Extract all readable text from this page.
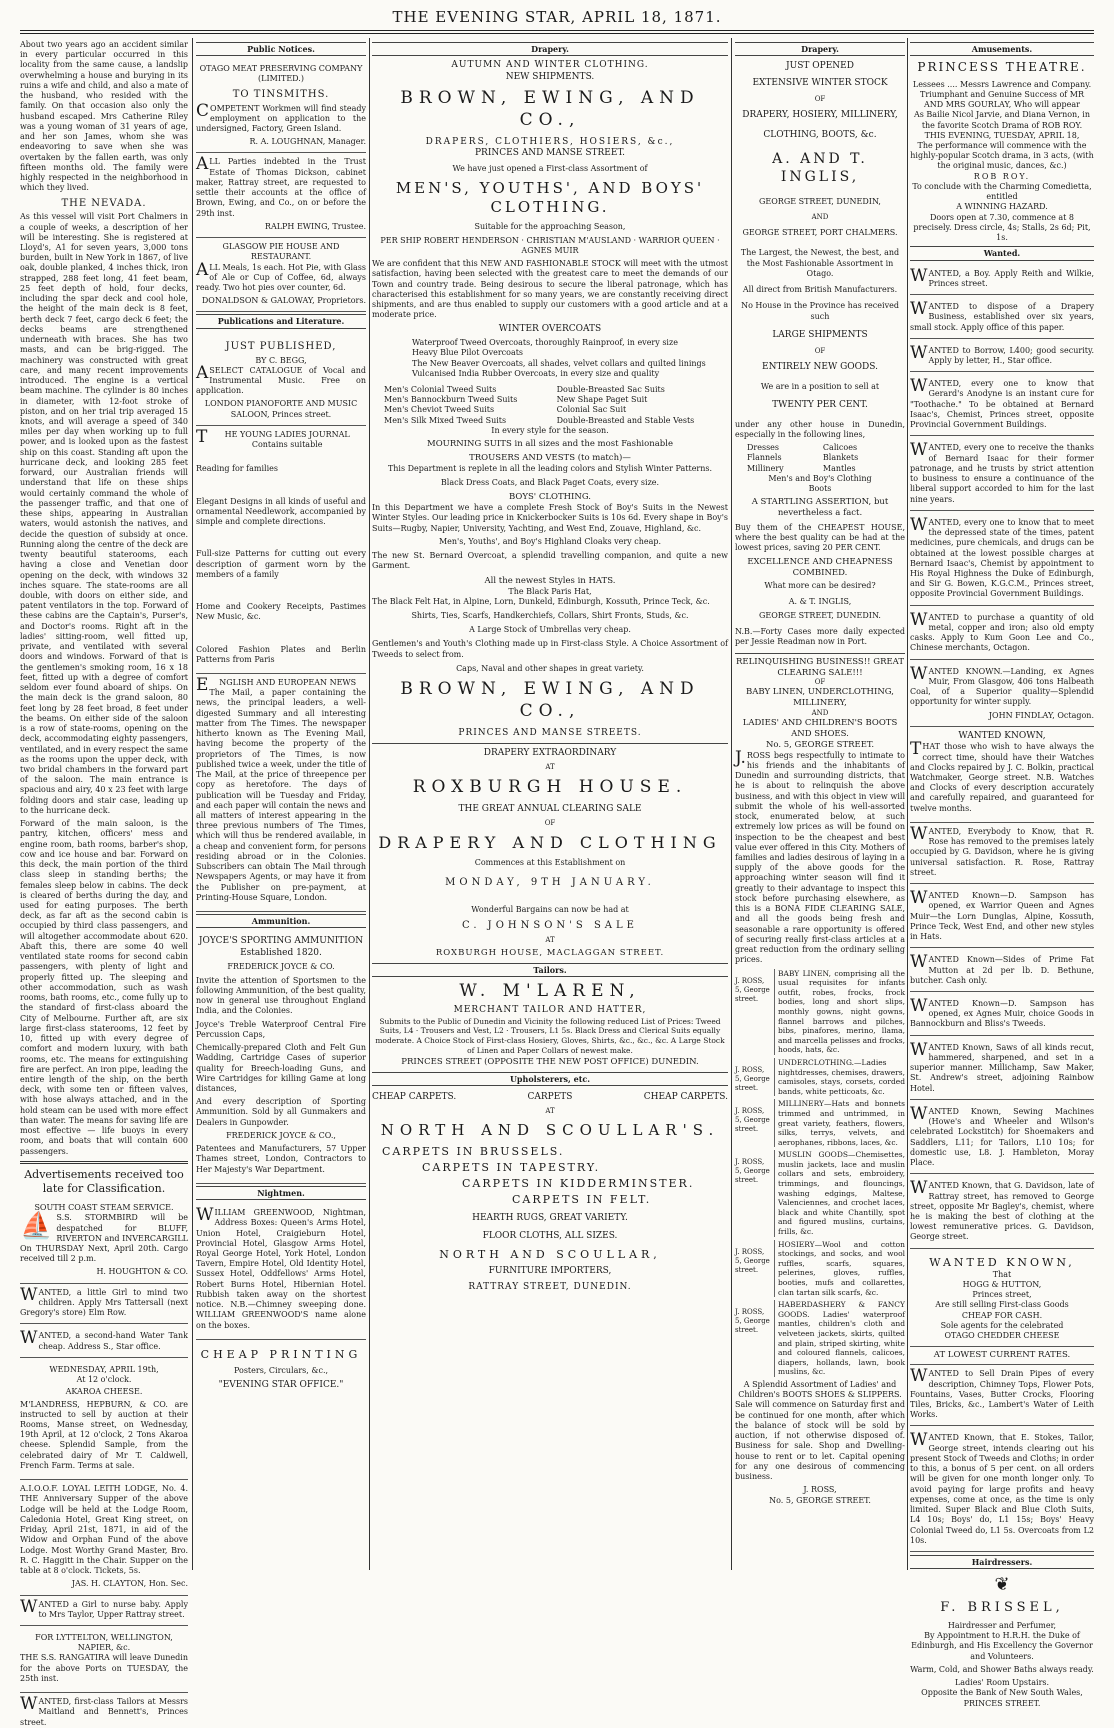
THE EVENING STAR, APRIL 18, 1871.
About two years ago an accident similar in every particular occurred in this locality from the same cause, a landslip overwhelming a house and burying in its ruins a wife and child, and also a mate of the husband, who resided with the family. On that occasion also only the husband escaped. Mrs Catherine Riley was a young woman of 31 years of age, and her son James, whom she was endeavoring to save when she was overtaken by the fallen earth, was only fifteen months old. The family were highly respected in the neighborhood in which they lived.
THE NEVADA.
As this vessel will visit Port Chalmers in a couple of weeks, a description of her will be interesting. She is registered at Lloyd's, A1 for seven years, 3,000 tons burden, built in New York in 1867, of live oak, double planked, 4 inches thick, iron strapped, 288 feet long, 41 feet beam, 25 feet depth of hold, four decks, including the spar deck and cool hole, the height of the main deck is 8 feet, berth deck 7 feet, cargo deck 6 feet; the decks beams are strengthened underneath with braces. She has two masts, and can be brig-rigged. The machinery was constructed with great care, and many recent improvements introduced. The engine is a vertical beam machine. The cylinder is 80 inches in diameter, with 12-foot stroke of piston, and on her trial trip averaged 15 knots, and will average a speed of 340 miles per day when working up to full power, and is looked upon as the fastest ship on this coast. Standing aft upon the hurricane deck, and looking 285 feet forward, our Australian friends will understand that life on these ships would certainly command the whole of the passenger traffic, and that one of these ships, appearing in Australian waters, would astonish the natives, and decide the question of subsidy at once. Running along the centre of the deck are twenty beautiful staterooms, each having a close and Venetian door opening on the deck, with windows 32 inches square. The state-rooms are all double, with doors on either side, and patent ventilators in the top. Forward of these cabins are the Captain's, Purser's, and Doctor's rooms. Right aft in the ladies' sitting-room, well fitted up, private, and ventilated with several doors and windows. Forward of that is the gentlemen's smoking room, 16 x 18 feet, fitted up with a degree of comfort seldom ever found aboard of ships. On the main deck is the grand saloon, 80 feet long by 28 feet broad, 8 feet under the beams. On either side of the saloon is a row of state-rooms, opening on the deck, accommodating eighty passengers, ventilated, and in every respect the same as the rooms upon the upper deck, with two bridal chambers in the forward part of the saloon. The main entrance is spacious and airy, 40 x 23 feet with large folding doors and stair case, leading up to the hurricane deck.
Forward of the main saloon, is the pantry, kitchen, officers' mess and engine room, bath rooms, barber's shop, cow and ice house and bar. Forward on this deck, the main portion of the third class sleep in standing berths; the females sleep below in cabins. The deck is cleared of berths during the day, and used for eating purposes. The berth deck, as far aft as the second cabin is occupied by third class passengers, and will altogether accommodate about 620. Abaft this, there are some 40 well ventilated state rooms for second cabin passengers, with plenty of light and properly fitted up. The sleeping and other accommodation, such as wash rooms, bath rooms, etc., come fully up to the standard of first-class aboard the City of Melbourne. Further aft, are six large first-class staterooms, 12 feet by 10, fitted up with every degree of comfort and modern luxury, with bath rooms, etc. The means for extinguishing fire are perfect. An iron pipe, leading the entire length of the ship, on the berth deck, with some ten or fifteen valves, with hose always attached, and in the hold steam can be used with more effect than water. The means for saving life are most effective — life buoys in every room, and boats that will contain 600 passengers.
Advertisements received too late for Classification.
SOUTH COAST STEAM SERVICE.
⛵ S.S. STORMBIRD will be despatched for BLUFF, RIVERTON and INVERCARGILL On THURSDAY Next, April 20th. Cargo received till 2 p.m.
H. HOUGHTON & CO.
WANTED, a little Girl to mind two children. Apply Mrs Tattersall (next Gregory's store) Elm Row.
WANTED, a second-hand Water Tank cheap. Address S., Star office.
WEDNESDAY, APRIL 19th,
At 12 o'clock.
AKAROA CHEESE.
M'LANDRESS, HEPBURN, & CO. are instructed to sell by auction at their Rooms, Manse street, on Wednesday, 19th April, at 12 o'clock, 2 Tons Akaroa cheese. Splendid Sample, from the celebrated dairy of Mr T. Caldwell, French Farm. Terms at sale.
A.I.O.O.F. LOYAL LEITH LODGE, No. 4. THE Anniversary Supper of the above Lodge will be held at the Lodge Room, Caledonia Hotel, Great King street, on Friday, April 21st, 1871, in aid of the Widow and Orphan Fund of the above Lodge. Most Worthy Grand Master, Bro. R. C. Haggitt in the Chair. Supper on the table at 8 o'clock. Tickets, 5s.
JAS. H. CLAYTON, Hon. Sec.
WANTED a Girl to nurse baby. Apply to Mrs Taylor, Upper Rattray street.
FOR LYTTELTON, WELLINGTON, NAPIER, &c.
THE S.S. RANGATIRA will leave Dunedin for the above Ports on TUESDAY, the 25th inst.
WANTED, first-class Tailors at Messrs Maitland and Bennett's, Princes street.
Public Notices.
OTAGO MEAT PRESERVING COMPANY (LIMITED.)
TO TINSMITHS.
COMPETENT Workmen will find steady employment on application to the undersigned, Factory, Green Island.
R. A. LOUGHNAN, Manager.
ALL Parties indebted in the Trust Estate of Thomas Dickson, cabinet maker, Rattray street, are requested to settle their accounts at the office of Brown, Ewing, and Co., on or before the 29th inst.
RALPH EWING, Trustee.
GLASGOW PIE HOUSE AND RESTAURANT.
ALL Meals, 1s each. Hot Pie, with Glass of Ale or Cup of Coffee, 6d, always ready. Two hot pies over counter, 6d.
DONALDSON & GALOWAY, Proprietors.
Publications and Literature.
JUST PUBLISHED,
BY C. BEGG,
ASELECT CATALOGUE of Vocal and Instrumental Music. Free on application.
LONDON PIANOFORTE AND MUSIC SALOON, Princes street.
THE YOUNG LADIES JOURNAL Contains suitable
Reading for families
Elegant Designs in all kinds of useful and ornamental Needlework, accompanied by simple and complete directions.
Full-size Patterns for cutting out every description of garment worn by the members of a family
Home and Cookery Receipts, Pastimes New Music, &c.
Colored Fashion Plates and Berlin Patterns from Paris
ENGLISH AND EUROPEAN NEWS
The Mail, a paper containing the news, the principal leaders, a well-digested Summary and all interesting matter from The Times. The newspaper hitherto known as The Evening Mail, having become the property of the proprietors of The Times, is now published twice a week, under the title of The Mail, at the price of threepence per copy as heretofore. The days of publication will be Tuesday and Friday, and each paper will contain the news and all matters of interest appearing in the three previous numbers of The Times, which will thus be rendered available, in a cheap and convenient form, for persons residing abroad or in the Colonies. Subscribers can obtain The Mail through Newspapers Agents, or may have it from the Publisher on pre-payment, at Printing-House Square, London.
Ammunition.
JOYCE'S SPORTING AMMUNITION Established 1820.
FREDERICK JOYCE & CO.
Invite the attention of Sportsmen to the following Ammunition, of the best quality, now in general use throughout England India, and the Colonies.
Joyce's Treble Waterproof Central Fire Percussion Caps,
Chemically-prepared Cloth and Felt Gun Wadding, Cartridge Cases of superior quality for Breech-loading Guns, and Wire Cartridges for killing Game at long distances,
And every description of Sporting Ammunition. Sold by all Gunmakers and Dealers in Gunpowder.
FREDERICK JOYCE & CO.,
Patentees and Manufacturers, 57 Upper Thames street, London, Contractors to Her Majesty's War Department.
Nightmen.
WILLIAM GREENWOOD, Nightman, Address Boxes: Queen's Arms Hotel, Union Hotel, Craigieburn Hotel, Provincial Hotel, Glasgow Arms Hotel, Royal George Hotel, York Hotel, London Tavern, Empire Hotel, Old Identity Hotel, Sussex Hotel, Oddfellows' Arms Hotel, Robert Burns Hotel, Hibernian Hotel. Rubbish taken away on the shortest notice. N.B.—Chimney sweeping done. WILLIAM GREENWOOD'S name alone on the boxes.
CHEAP PRINTING
Posters, Circulars, &c.,
"EVENING STAR OFFICE."
Drapery.
AUTUMN AND WINTER CLOTHING.
NEW SHIPMENTS.
BROWN, EWING, AND CO.,
DRAPERS, CLOTHIERS, HOSIERS, &c.,
PRINCES AND MANSE STREET.
We have just opened a First-class Assortment of
MEN'S, YOUTHS', AND BOYS' CLOTHING.
Suitable for the approaching Season,
PER SHIP ROBERT HENDERSON · CHRISTIAN M'AUSLAND · WARRIOR QUEEN · AGNES MUIR
We are confident that this NEW AND FASHIONABLE STOCK will meet with the utmost satisfaction, having been selected with the greatest care to meet the demands of our Town and country trade. Being desirous to secure the liberal patronage, which has characterised this establishment for so many years, we are constantly receiving direct shipments, and are thus enabled to supply our customers with a good article and at a moderate price.
WINTER OVERCOATS
Waterproof Tweed Overcoats, thoroughly Rainproof, in every size
Heavy Blue Pilot Overcoats
The New Beaver Overcoats, all shades, velvet collars and quilted linings
Vulcanised India Rubber Overcoats, in every size and quality
Men's Colonial Tweed Suits
Men's Bannockburn Tweed Suits
Men's Cheviot Tweed Suits
Men's Silk Mixed Tweed Suits
Double-Breasted Sac Suits
New Shape Paget Suit
Colonial Sac Suit
Double-Breasted and Stable Vests
In every style for the season.
MOURNING SUITS in all sizes and the most Fashionable
TROUSERS AND VESTS (to match)—
This Department is replete in all the leading colors and Stylish Winter Patterns.
Black Dress Coats, and Black Paget Coats, every size.
BOYS' CLOTHING.
In this Department we have a complete Fresh Stock of Boy's Suits in the Newest Winter Styles. Our leading price in Knickerbocker Suits is 10s 6d. Every shape in Boy's Suits—Rugby, Napier, University, Yachting, and West End, Zouave, Highland, &c.
Men's, Youths', and Boy's Highland Cloaks very cheap.
The new St. Bernard Overcoat, a splendid travelling companion, and quite a new Garment.
All the newest Styles in HATS.
The Black Paris Hat,
The Black Felt Hat, in Alpine, Lorn, Dunkeld, Edinburgh, Kossuth, Prince Teck, &c.
Shirts, Ties, Scarfs, Handkerchiefs, Collars, Shirt Fronts, Studs, &c.
A Large Stock of Umbrellas very cheap.
Gentlemen's and Youth's Clothing made up in First-class Style. A Choice Assortment of Tweeds to select from.
Caps, Naval and other shapes in great variety.
BROWN, EWING, AND CO.,
PRINCES AND MANSE STREETS.
DRAPERY EXTRAORDINARY
AT
ROXBURGH HOUSE.
THE GREAT ANNUAL CLEARING SALE
OF
DRAPERY AND CLOTHING
Commences at this Establishment on
MONDAY, 9TH JANUARY.
Wonderful Bargains can now be had at
C. JOHNSON'S SALE
AT
ROXBURGH HOUSE, MACLAGGAN STREET.
Tailors.
W. M'LAREN,
MERCHANT TAILOR AND HATTER,
Submits to the Public of Dunedin and Vicinity the following reduced List of Prices: Tweed Suits, L4 · Trousers and Vest, L2 · Trousers, L1 5s. Black Dress and Clerical Suits equally moderate. A Choice Stock of First-class Hosiery, Gloves, Shirts, &c., &c., &c. A Large Stock of Linen and Paper Collars of newest make.
PRINCES STREET (OPPOSITE THE NEW POST OFFICE) DUNEDIN.
Upholsterers, etc.
CHEAP CARPETS.	CARPETS	CHEAP CARPETS.
AT
NORTH AND SCOULLAR'S.
CARPETS IN BRUSSELS.
CARPETS IN TAPESTRY.
CARPETS IN KIDDERMINSTER.
CARPETS IN FELT.
HEARTH RUGS, GREAT VARIETY.
FLOOR CLOTHS, ALL SIZES.
NORTH AND SCOULLAR,
FURNITURE IMPORTERS,
RATTRAY STREET, DUNEDIN.
Drapery.
JUST OPENED
EXTENSIVE WINTER STOCK
OF
DRAPERY, HOSIERY, MILLINERY,
CLOTHING, BOOTS, &c.
A. AND T. INGLIS,
GEORGE STREET, DUNEDIN,
AND
GEORGE STREET, PORT CHALMERS.
The Largest, the Newest, the best, and the Most Fashionable Assortment in Otago.
All direct from British Manufacturers.
No House in the Province has received such
LARGE SHIPMENTS
OF
ENTIRELY NEW GOODS.
We are in a position to sell at
TWENTY PER CENT.
under any other house in Dunedin, especially in the following lines,
Dresses
Flannels
Millinery
Calicoes
Blankets
Mantles
Men's and Boy's Clothing
Boots
A STARTLING ASSERTION, but nevertheless a fact.
Buy them of the CHEAPEST HOUSE, where the best quality can be had at the lowest prices, saving 20 PER CENT.
EXCELLENCE AND CHEAPNESS COMBINED.
What more can be desired?
A. & T. INGLIS,
GEORGE STREET, DUNEDIN.
N.B.—Forty Cases more daily expected per Jessie Readman now in Port.
RELINQUISHING BUSINESS!! GREAT CLEARING SALE!!!
OF
BABY LINEN, UNDERCLOTHING, MILLINERY,
AND
LADIES' AND CHILDREN'S BOOTS AND SHOES.
No. 5, GEORGE STREET.
J.ROSS begs respectfully to intimate to his friends and the inhabitants of Dunedin and surrounding districts, that he is about to relinquish the above business, and with this object in view will submit the whole of his well-assorted stock, enumerated below, at such extremely low prices as will be found on inspection to be the cheapest and best value ever offered in this City. Mothers of families and ladies desirous of laying in a supply of the above goods for the approaching winter season will find it greatly to their advantage to inspect this stock before purchasing elsewhere, as this is a BONA FIDE CLEARING SALE, and all the goods being fresh and seasonable a rare opportunity is offered of securing really first-class articles at a great reduction from the ordinary selling prices.
J. ROSS, 5, George street.
BABY LINEN, comprising all the usual requisites for infants outfit, robes, frocks, frock bodies, long and short slips, monthly gowns, night gowns, flannel barrows and pilches, bibs, pinafores, merino, llama, and marcella pelisses and frocks, hoods, hats, &c.
J. ROSS, 5, George street.
UNDERCLOTHING.—Ladies nightdresses, chemises, drawers, camisoles, stays, corsets, corded bands, white petticoats, &c.
J. ROSS, 5, George street.
MILLINERY—Hats and bonnets trimmed and untrimmed, in great variety, feathers, flowers, silks, terrys, velvets, and aerophanes, ribbons, laces, &c.
J. ROSS, 5, George street.
MUSLIN GOODS—Chemisettes, muslin jackets, lace and muslin collars and sets, embroidery, trimmings, and flouncings, washing edgings, Maltese, Valenciennes, and crochet laces, black and white Chantilly, spot and figured muslins, curtains, frills, &c.
J. ROSS, 5, George street.
HOSIERY—Wool and cotton stockings, and socks, and wool ruffles, scarfs, squares, pelerines, gloves, ruffles, booties, mufs and collarettes, clan tartan silk scarfs, &c.
J. ROSS, 5, George street.
HABERDASHERY & FANCY GOODS. Ladies' waterproof mantles, children's cloth and velveteen jackets, skirts, quilted and plain, striped skirting, white and coloured flannels, calicoes, diapers, hollands, lawn, book muslins, &c.
A Splendid Assortment of Ladies' and Children's BOOTS SHOES & SLIPPERS.
Sale will commence on Saturday first and be continued for one month, after which the balance of stock will be sold by auction, if not otherwise disposed of. Business for sale. Shop and Dwelling-house to rent or to let. Capital opening for any one desirous of commencing business.
J. ROSS,
No. 5, GEORGE STREET.
Amusements.
PRINCESS THEATRE.
Lessees .... Messrs Lawrence and Company.
Triumphant and Genuine Success of MR AND MRS GOURLAY, Who will appear
As Bailie Nicol Jarvie, and Diana Vernon, in the favorite Scotch Drama of ROB ROY.
THIS EVENING, TUESDAY, APRIL 18,
The performance will commence with the highly-popular Scotch drama, in 3 acts, (with the original music, dances, &c.)
ROB ROY.
To conclude with the Charming Comedietta, entitled
A WINNING HAZARD.
Doors open at 7.30, commence at 8 precisely. Dress circle, 4s; Stalls, 2s 6d; Pit, 1s.
Wanted.
WANTED, a Boy. Apply Reith and Wilkie, Princes street.
WANTED to dispose of a Drapery Business, established over six years, small stock. Apply office of this paper.
WANTED to Borrow, L400; good security. Apply by letter, H., Star office.
WANTED, every one to know that Gerard's Anodyne is an instant cure for "Toothache." To be obtained at Bernard Isaac's, Chemist, Princes street, opposite Provincial Government Buildings.
WANTED, every one to receive the thanks of Bernard Isaac for their former patronage, and he trusts by strict attention to business to ensure a continuance of the liberal support accorded to him for the last nine years.
WANTED, every one to know that to meet the depressed state of the times, patent medicines, pure chemicals, and drugs can be obtained at the lowest possible charges at Bernard Isaac's, Chemist by appointment to His Royal Highness the Duke of Edinburgh, and Sir G. Bowen, K.G.C.M., Princes street, opposite Provincial Government Buildings.
WANTED to purchase a quantity of old metal, copper and iron; also old empty casks. Apply to Kum Goon Lee and Co., Chinese merchants, Octagon.
WANTED KNOWN.—Landing, ex Agnes Muir, From Glasgow, 406 tons Halbeath Coal, of a Superior quality—Splendid opportunity for winter supply.
JOHN FINDLAY, Octagon.
WANTED KNOWN,
THAT those who wish to have always the correct time, should have their Watches and Clocks repaired by J. C. Bolkin, practical Watchmaker, George street. N.B. Watches and Clocks of every description accurately and carefully repaired, and guaranteed for twelve months.
WANTED, Everybody to Know, that R. Rose has removed to the premises lately occupied by G. Davidson, where he is giving universal satisfaction. R. Rose, Rattray street.
WANTED Known—D. Sampson has opened, ex Warrior Queen and Agnes Muir—the Lorn Dunglas, Alpine, Kossuth, Prince Teck, West End, and other new styles in Hats.
WANTED Known—Sides of Prime Fat Mutton at 2d per lb. D. Bethune, butcher. Cash only.
WANTED Known—D. Sampson has opened, ex Agnes Muir, choice Goods in Bannockburn and Bliss's Tweeds.
WANTED Known, Saws of all kinds recut, hammered, sharpened, and set in a superior manner. Millichamp, Saw Maker, St. Andrew's street, adjoining Rainbow Hotel.
WANTED Known, Sewing Machines (Howe's and Wheeler and Wilson's celebrated Lockstitch) for Shoemakers and Saddlers, L11; for Tailors, L10 10s; for domestic use, L8. J. Hambleton, Moray Place.
WANTED Known, that G. Davidson, late of Rattray street, has removed to George street, opposite Mr Bagley's, chemist, where he is making the best of clothing at the lowest remunerative prices. G. Davidson, George street.
WANTED KNOWN,
That
HOGG & HUTTON,
Princes street,
Are still selling First-class Goods
CHEAP FOR CASH.
Sole agents for the celebrated
OTAGO CHEDDER CHEESE
AT LOWEST CURRENT RATES.
WANTED to Sell Drain Pipes of every description, Chimney Tops, Flower Pots, Fountains, Vases, Butter Crocks, Flooring Tiles, Bricks, &c., Lambert's Water of Leith Works.
WANTED Known, that E. Stokes, Tailor, George street, intends clearing out his present Stock of Tweeds and Cloths; in order to this, a bonus of 5 per cent. on all orders will be given for one month longer only. To avoid paying for large profits and heavy expenses, come at once, as the time is only limited. Super Black and Blue Cloth Suits, L4 10s; Boys' do, L1 15s; Boys' Heavy Colonial Tweed do, L1 5s. Overcoats from L2 10s.
Hairdressers.
❦
F. BRISSEL,
Hairdresser and Perfumer,
By Appointment to H.R.H. the Duke of Edinburgh, and His Excellency the Governor and Volunteers.
Warm, Cold, and Shower Baths always ready.
Ladies' Room Upstairs.
Opposite the Bank of New South Wales, PRINCES STREET.
